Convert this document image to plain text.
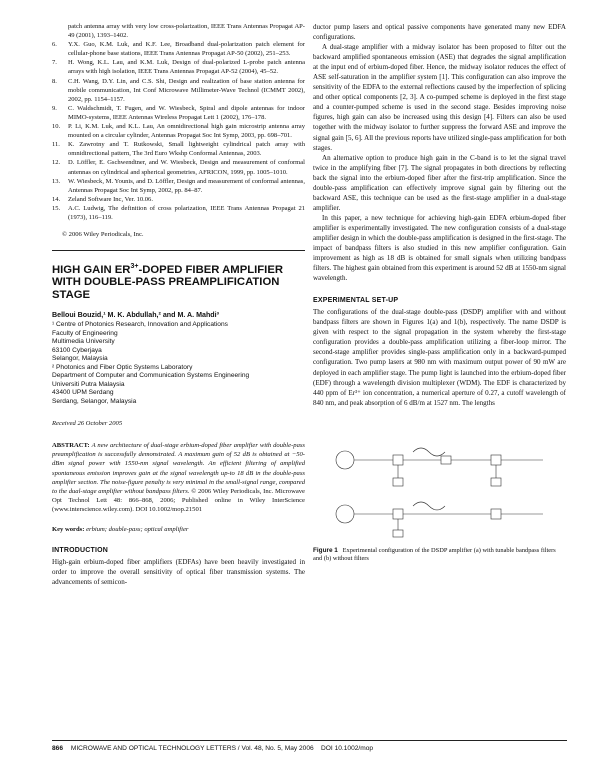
patch antenna array with very low cross-polarization, IEEE Trans Antennas Propagat AP-49 (2001), 1393–1402.
6. Y.X. Guo, K.M. Luk, and K.F. Lee, Broadband dual-polarization patch element for cellular-phone base stations, IEEE Trans Antennas Propagat AP-50 (2002), 251–253.
7. H. Wong, K.L. Lau, and K.M. Luk, Design of dual-polarized L-probe patch antenna arrays with high isolation, IEEE Trans Antennas Propagat AP-52 (2004), 45–52.
8. C.H. Wang, D.Y. Lin, and C.S. Shi, Design and realization of base station antenna for mobile communication, Int Conf Microwave Millimeter-Wave Technol (ICMMT 2002), 2002, pp. 1154–1157.
9. C. Waldschmidt, T. Fugen, and W. Wiesbeck, Spiral and dipole antennas for indoor MIMO-systems, IEEE Antennas Wireless Propagat Lett 1 (2002), 176–178.
10. P. Li, K.M. Luk, and K.L. Lau, An omnidirectional high gain microstrip antenna array mounted on a circular cylinder, Antennas Propagat Soc Int Symp, 2003, pp. 698–701.
11. K. Zawrotny and T. Rutkowski, Small lightweight cylindrical patch array with omnidirectional pattern, The 3rd Euro Wkshp Conformal Antennas, 2003.
12. D. Löffler, E. Gschwendtner, and W. Wiesbeck, Design and measurement of conformal antennas on cylindrical and spherical geometries, AFRICON, 1999, pp. 1005–1010.
13. W. Wiesbeck, M. Younis, and D. Löffler, Design and measurement of conformal antennas, Antennas Propagat Soc Int Symp, 2002, pp. 84–87.
14. Zeland Software Inc, Ver. 10.06.
15. A.C. Ludwig, The definition of cross polarization, IEEE Trans Antennas Propagat 21 (1973), 116–119.
© 2006 Wiley Periodicals, Inc.
HIGH GAIN $ER^{3+}$-DOPED FIBER AMPLIFIER WITH DOUBLE-PASS PREAMPLIFICATION STAGE
Belloui Bouzid,¹ M. K. Abdullah,² and M. A. Mahdi³
¹ Centre of Photonics Research, Innovation and Applications
Faculty of Engineering
Multimedia University
63100 Cyberjaya
Selangor, Malaysia
² Photonics and Fiber Optic Systems Laboratory
Department of Computer and Communication Systems Engineering
Universiti Putra Malaysia
43400 UPM Serdang
Serdang, Selangor, Malaysia
Received 26 October 2005
ABSTRACT: A new architecture of dual-stage erbium-doped fiber amplifier with double-pass preamplification is successfully demonstrated. A maximum gain of 52 dB is obtained at −50-dBm signal power with 1550-nm signal wavelength. An efficient filtering of amplified spontaneous emission improves gain at the signal wavelength up-to 18 dB in the double-pass amplifier section. The noise-figure penalty is very minimal in the small-signal range, compared to the dual-stage amplifier without bandpass filters. © 2006 Wiley Periodicals, Inc. Microwave Opt Technol Lett 48: 866–868, 2006; Published online in Wiley InterScience (www.interscience.wiley.com). DOI 10.1002/mop.21501
Key words: erbium; double-pass; optical amplifier
INTRODUCTION

High-gain erbium-doped fiber amplifiers (EDFAs) have been heavily investigated in order to improve the overall sensitivity of optical fiber transmission systems. The advancements of semicon-

ductor pump lasers and optical passive components have generated many new EDFA configurations.

A dual-stage amplifier with a midway isolator has been proposed to filter out the backward amplified spontaneous emission (ASE) that degrades the signal amplification at the input end of erbium-doped fiber. Hence, the midway isolator reduces the effect of ASE self-saturation in the amplifier system [1]. This configuration can also improve the sensitivity of the EDFA to the external reflections caused by the imperfection of splicing and other optical components [2, 3]. A co-pumped scheme is deployed in the first stage and a counter-pumped scheme is used in the second stage. Besides improving noise figures, high gain can also be increased using this design [4]. Filters can also be used together with the midway isolator to further suppress the forward ASE and improve the signal gain [5, 6]. All the previous reports have utilized single-pass amplification for both stages.

An alternative option to produce high gain in the C-band is to let the signal travel twice in the amplifying fiber [7]. The signal propagates in both directions by reflecting back the signal into the erbium-doped fiber after the first-trip amplification. Since the double-pass amplification can effectively improve signal gain by filtering out the backward ASE, this technique can be used as the first-stage amplifier in a dual-stage amplifier.

In this paper, a new technique for achieving high-gain EDFA erbium-doped fiber amplifier is experimentally investigated. The new configuration consists of a dual-stage amplifier design in which the double-pass amplification is designed in the first-stage. The impact of bandpass filters is also studied in this new amplifier configuration. Gain improvement as high as 18 dB is obtained for small signals when utilizing bandpass filters. The highest gain obtained from this experiment is around 52 dB at 1550-nm signal wavelength.

EXPERIMENTAL SET-UP

The configurations of the dual-stage double-pass (DSDP) amplifier with and without bandpass filters are shown in Figures 1(a) and 1(b), respectively. The name DSDP is given with respect to the signal propagation in the system whereby the first-stage configuration provides a double-pass amplification utilizing a fiber-loop mirror. The second-stage amplifier provides single-pass amplification only in a backward-pumped configuration. Two pump lasers at 980 nm with maximum output power of 90 mW are deployed in each amplifier stage. The pump light is launched into the erbium-doped fiber (EDF) through a wavelength division multiplexer (WDM). The EDF is characterized by 440 ppm of Er³⁺ ion concentration, a numerical aperture of 0.27, a cutoff wavelength of 840 nm, and peak absorption of 6 dB/m at 1527 nm. The lengths

Figure 1 Experimental configuration of the DSDP amplifier (a) with tunable bandpass filters and (b) without filters
866 MICROWAVE AND OPTICAL TECHNOLOGY LETTERS / Vol. 48, No. 5, May 2006 DOI 10.1002/mop
